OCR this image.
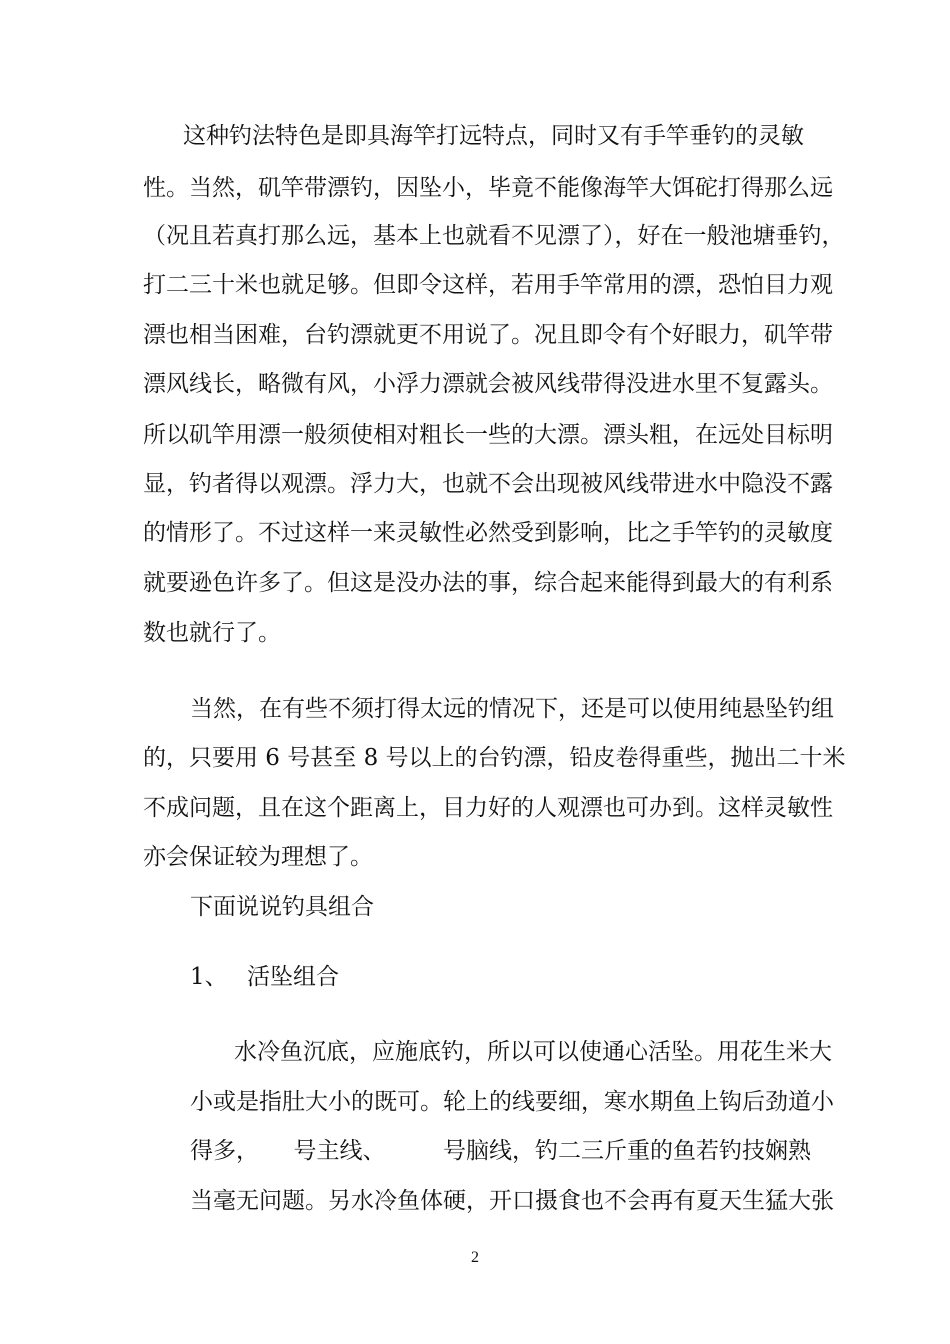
这种钓法特色是即具海竿打远特点，同时又有手竿垂钓的灵敏
性。当然，矶竿带漂钓，因坠小，毕竟不能像海竿大饵砣打得那么远
（况且若真打那么远，基本上也就看不见漂了），好在一般池塘垂钓，
打二三十米也就足够。但即令这样，若用手竿常用的漂，恐怕目力观
漂也相当困难，台钓漂就更不用说了。况且即令有个好眼力，矶竿带
漂风线长，略微有风，小浮力漂就会被风线带得没进水里不复露头。
所以矶竿用漂一般须使相对粗长一些的大漂。漂头粗，在远处目标明
显，钓者得以观漂。浮力大，也就不会出现被风线带进水中隐没不露
的情形了。不过这样一来灵敏性必然受到影响，比之手竿钓的灵敏度
就要逊色许多了。但这是没办法的事，综合起来能得到最大的有利系
数也就行了。
当然，在有些不须打得太远的情况下，还是可以使用纯悬坠钓组
的，只要用 6 号甚至 8 号以上的台钓漂，铅皮卷得重些，抛出二十米
不成问题，且在这个距离上，目力好的人观漂也可办到。这样灵敏性
亦会保证较为理想了。
下面说说钓具组合
1、 活坠组合
水冷鱼沉底，应施底钓，所以可以使通心活坠。用花生米大
小或是指肚大小的既可。轮上的线要细，寒水期鱼上钩后劲道小
得多，　　号主线、　　　号脑线，钓二三斤重的鱼若钓技娴熟
当毫无问题。另水冷鱼体硬，开口摄食也不会再有夏天生猛大张
2
